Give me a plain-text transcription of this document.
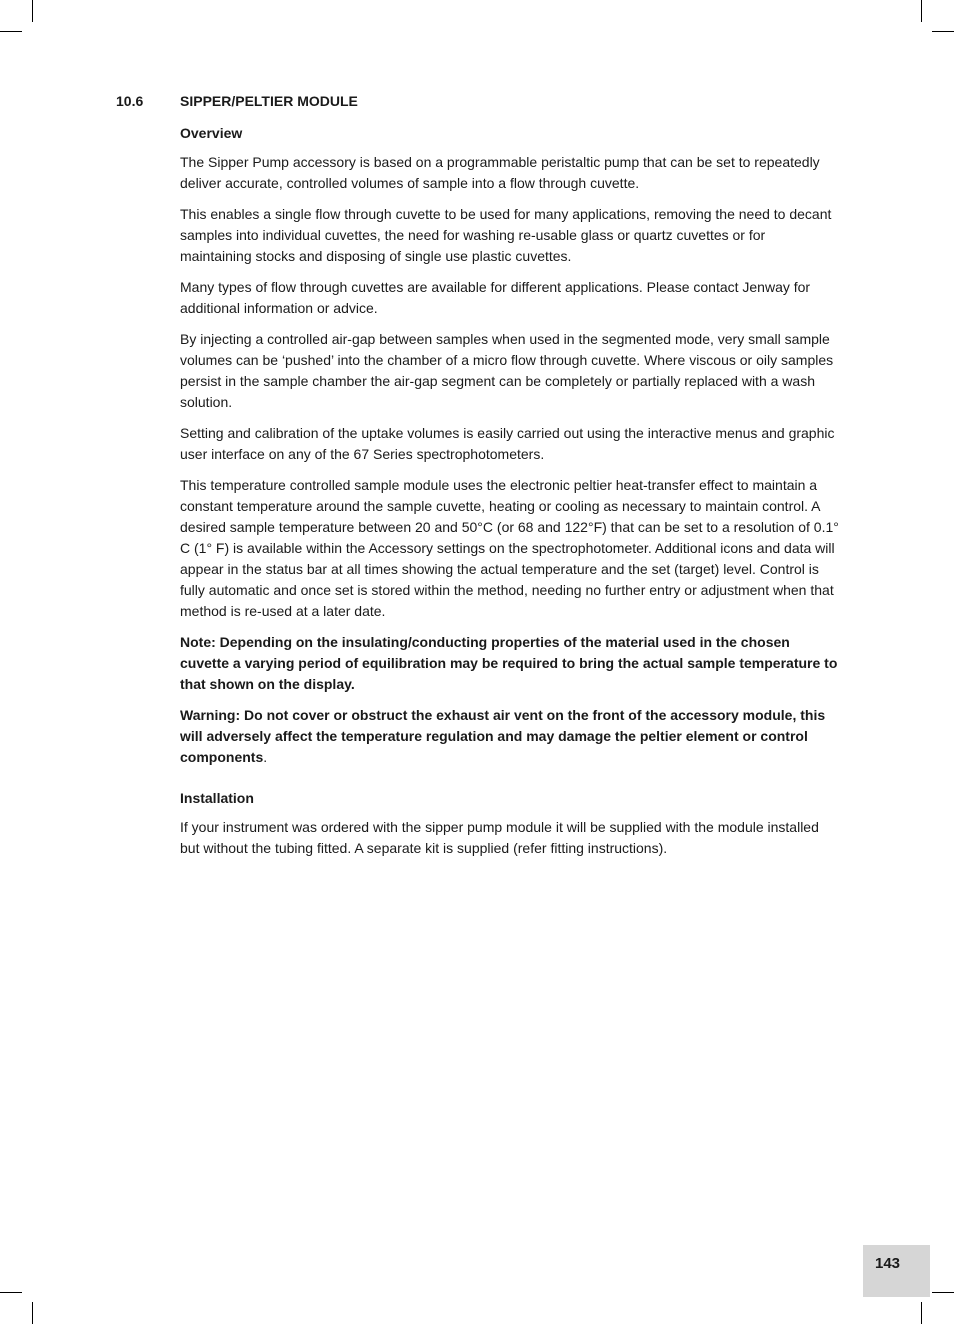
10.6	SIPPER/PELTIER MODULE
Overview

The Sipper Pump accessory is based on a programmable peristaltic pump that can be set to repeatedly deliver accurate, controlled volumes of sample into a flow through cuvette.

This enables a single flow through cuvette to be used for many applications, removing the need to decant samples into individual cuvettes, the need for washing re-usable glass or quartz cuvettes or for maintaining stocks and disposing of single use plastic cuvettes.

Many types of flow through cuvettes are available for different applications. Please contact Jenway for additional information or advice.

By injecting a controlled air-gap between samples when used in the segmented mode, very small sample volumes can be ‘pushed’ into the chamber of a micro flow through cuvette. Where viscous or oily samples persist in the sample chamber the air-gap segment can be completely or partially replaced with a wash solution.

Setting and calibration of the uptake volumes is easily carried out using the interactive menus and graphic user interface on any of the 67 Series spectrophotometers.

This temperature controlled sample module uses the electronic peltier heat-transfer effect to maintain a constant temperature around the sample cuvette, heating or cooling as necessary to maintain control. A desired sample temperature between 20 and 50°C (or 68 and 122°F) that can be set to a resolution of 0.1° C (1° F) is available within the Accessory settings on the spectrophotometer. Additional icons and data will appear in the status bar at all times showing the actual temperature and the set (target) level. Control is fully automatic and once set is stored within the method, needing no further entry or adjustment when that method is re-used at a later date.

Note: Depending on the insulating/conducting properties of the material used in the chosen cuvette a varying period of equilibration may be required to bring the actual sample temperature to that shown on the display.

Warning: Do not cover or obstruct the exhaust air vent on the front of the accessory module, this will adversely affect the temperature regulation and may damage the peltier element or control components.

Installation

If your instrument was ordered with the sipper pump module it will be supplied with the module installed but without the tubing fitted. A separate kit is supplied (refer fitting instructions).

143
